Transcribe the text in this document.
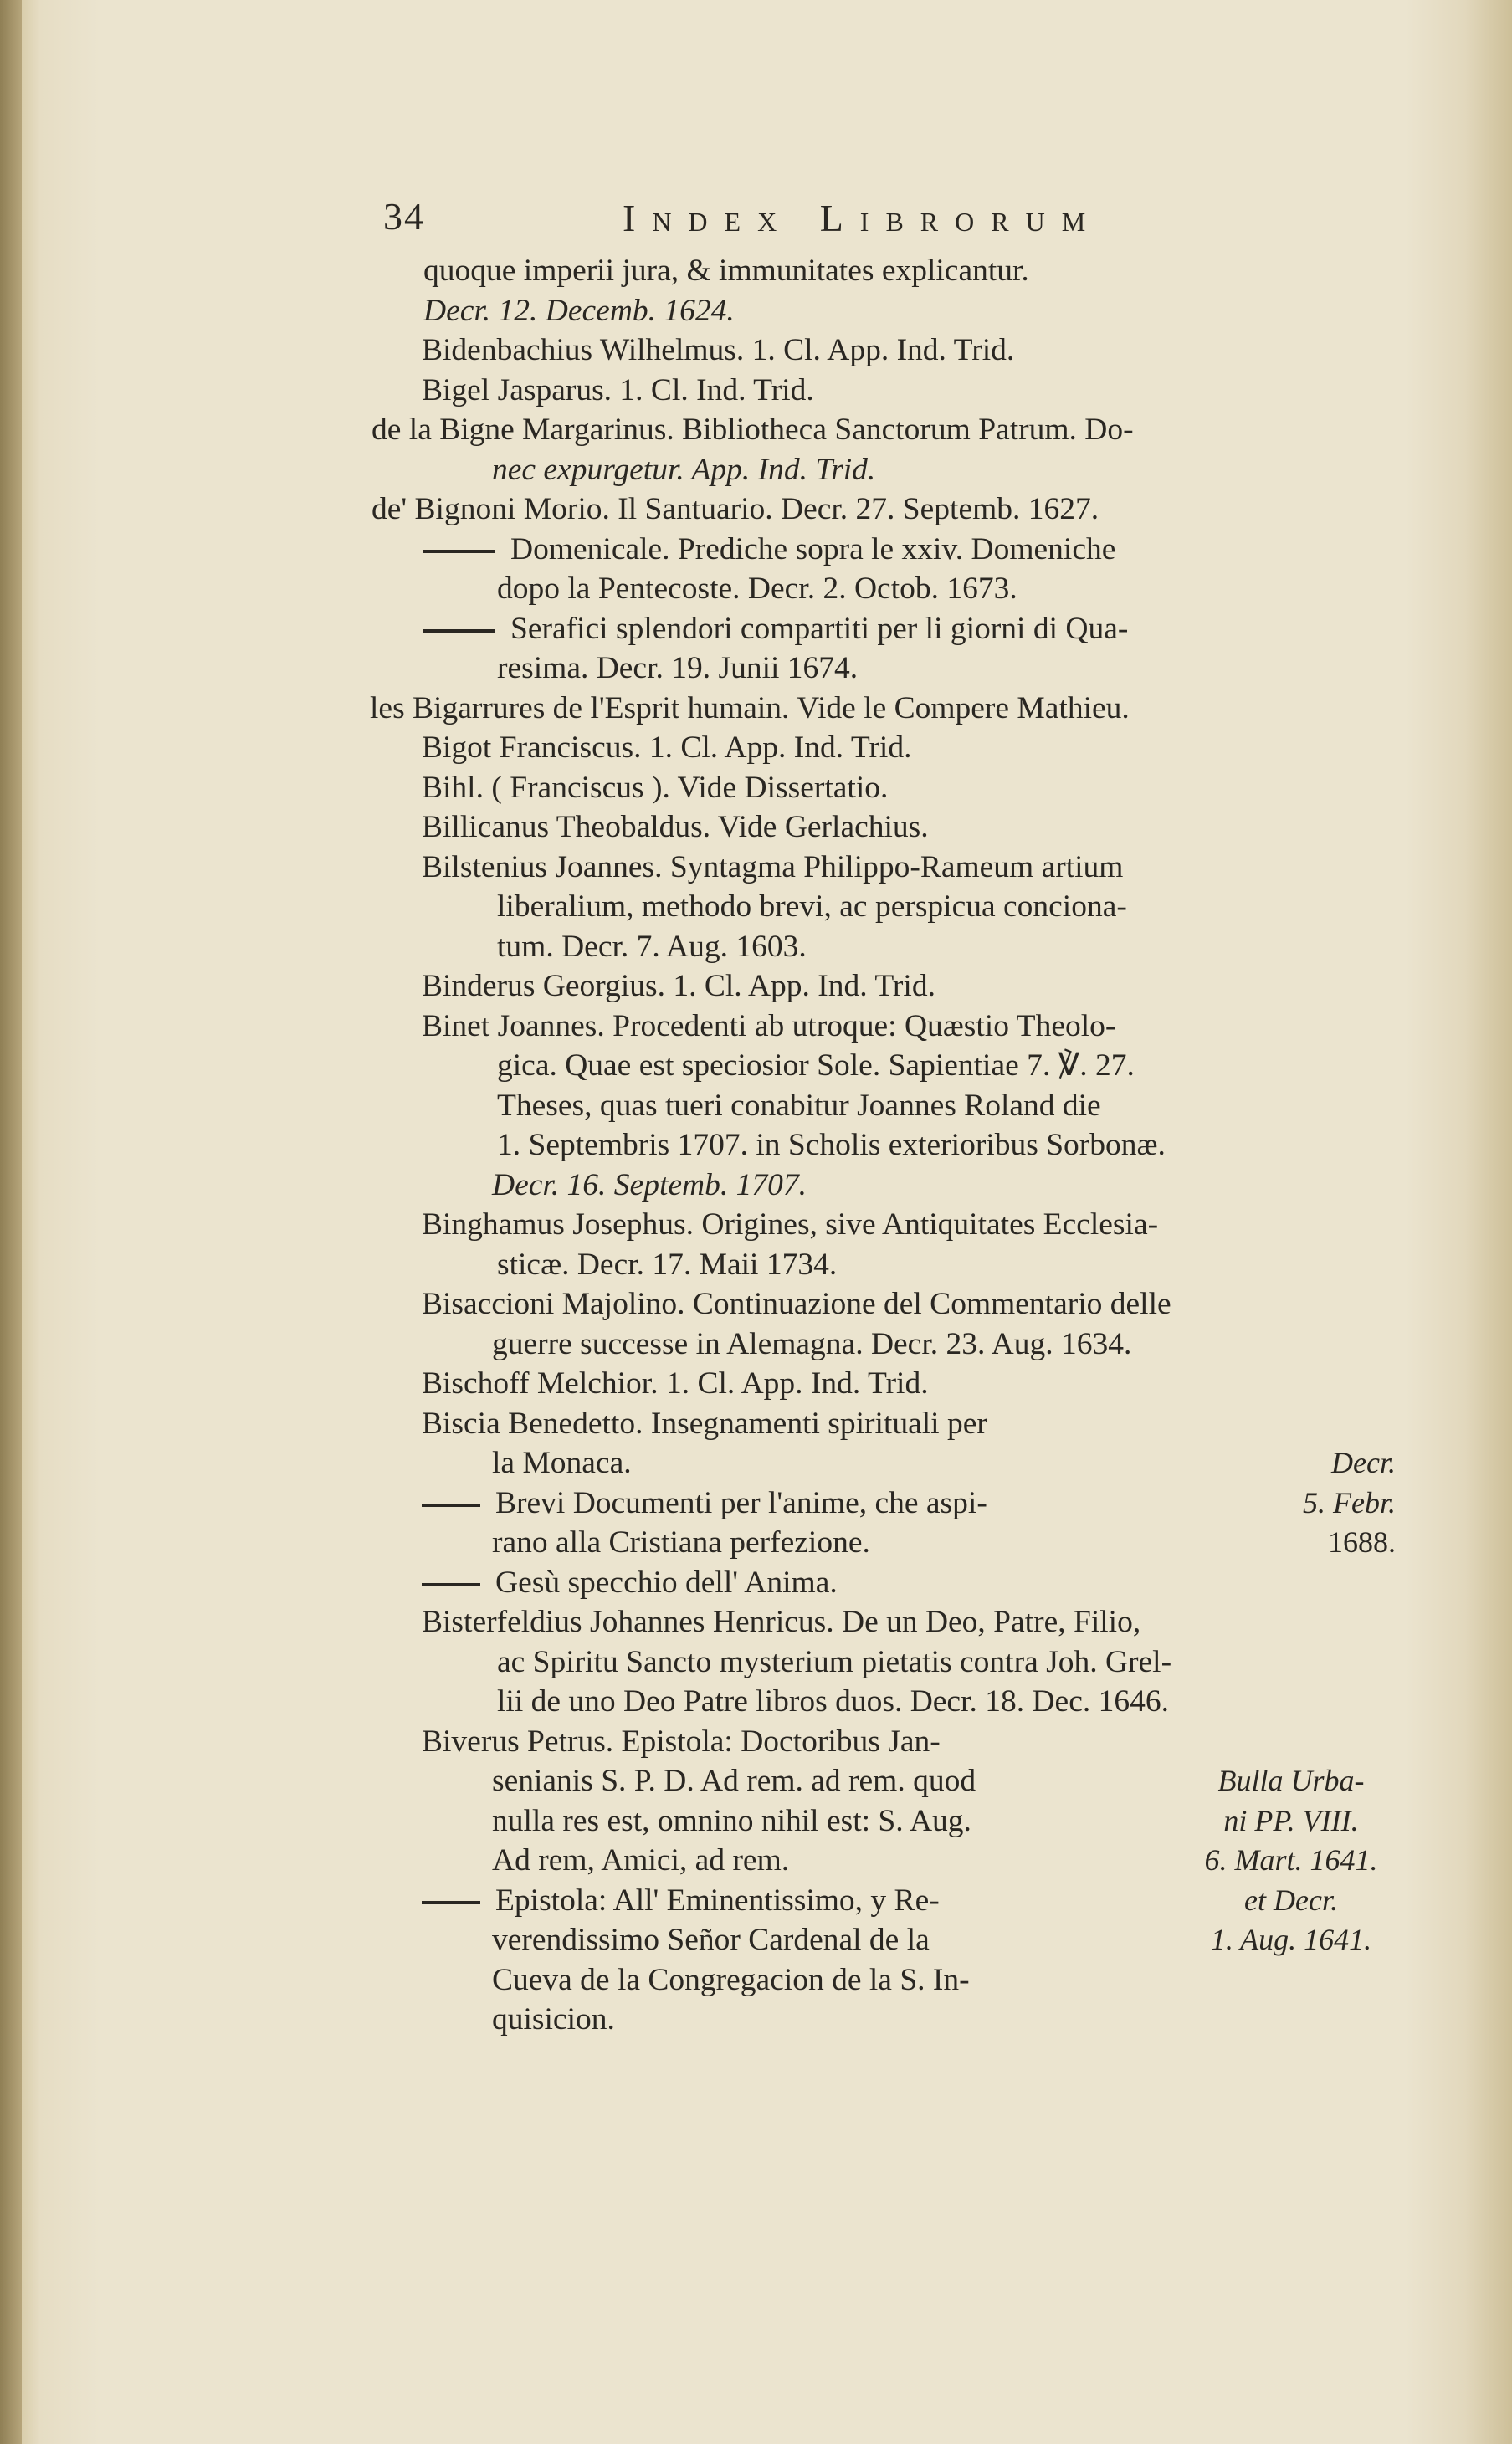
34	Index Librorum
quoque imperii jura, & immunitates explicantur.
Decr. 12. Decemb. 1624.
Bidenbachius Wilhelmus. 1. Cl. App. Ind. Trid.
Bigel Jasparus. 1. Cl. Ind. Trid.
de la Bigne Margarinus. Bibliotheca Sanctorum Patrum. Do-
nec expurgetur. App. Ind. Trid.
de' Bignoni Morio. Il Santuario. Decr. 27. Septemb. 1627.
Domenicale. Prediche sopra le xxiv. Domeniche
dopo la Pentecoste. Decr. 2. Octob. 1673.
Serafici splendori compartiti per li giorni di Qua-
resima. Decr. 19. Junii 1674.
les Bigarrures de l'Esprit humain. Vide le Compere Mathieu.
Bigot Franciscus. 1. Cl. App. Ind. Trid.
Bihl. ( Franciscus ). Vide Dissertatio.
Billicanus Theobaldus. Vide Gerlachius.
Bilstenius Joannes. Syntagma Philippo-Rameum artium
liberalium, methodo brevi, ac perspicua conciona-
tum. Decr. 7. Aug. 1603.
Binderus Georgius. 1. Cl. App. Ind. Trid.
Binet Joannes. Procedenti ab utroque: Quæstio Theolo-
gica. Quae est speciosior Sole. Sapientiae 7. ℣. 27.
Theses, quas tueri conabitur Joannes Roland die
1. Septembris 1707. in Scholis exterioribus Sorbonæ.
Decr. 16. Septemb. 1707.
Binghamus Josephus. Origines, sive Antiquitates Ecclesia-
sticæ. Decr. 17. Maii 1734.
Bisaccioni Majolino. Continuazione del Commentario delle
guerre successe in Alemagna. Decr. 23. Aug. 1634.
Bischoff Melchior. 1. Cl. App. Ind. Trid.
Biscia Benedetto. Insegnamenti spirituali per
la Monaca.
Brevi Documenti per l'anime, che aspi-
rano alla Cristiana perfezione.
Gesù specchio dell' Anima.
Decr.
5. Febr.
1688.
Bisterfeldius Johannes Henricus. De un Deo, Patre, Filio,
ac Spiritu Sancto mysterium pietatis contra Joh. Grel-
lii de uno Deo Patre libros duos. Decr. 18. Dec. 1646.
Biverus Petrus. Epistola: Doctoribus Jan-
senianis S. P. D. Ad rem. ad rem. quod
nulla res est, omnino nihil est: S. Aug.
Ad rem, Amici, ad rem.
Epistola: All' Eminentissimo, y Re-
verendissimo Señor Cardenal de la
Cueva de la Congregacion de la S. In-
quisicion.
Bulla Urba-
ni PP. VIII.
6. Mart. 1641.
et Decr.
1. Aug. 1641.
